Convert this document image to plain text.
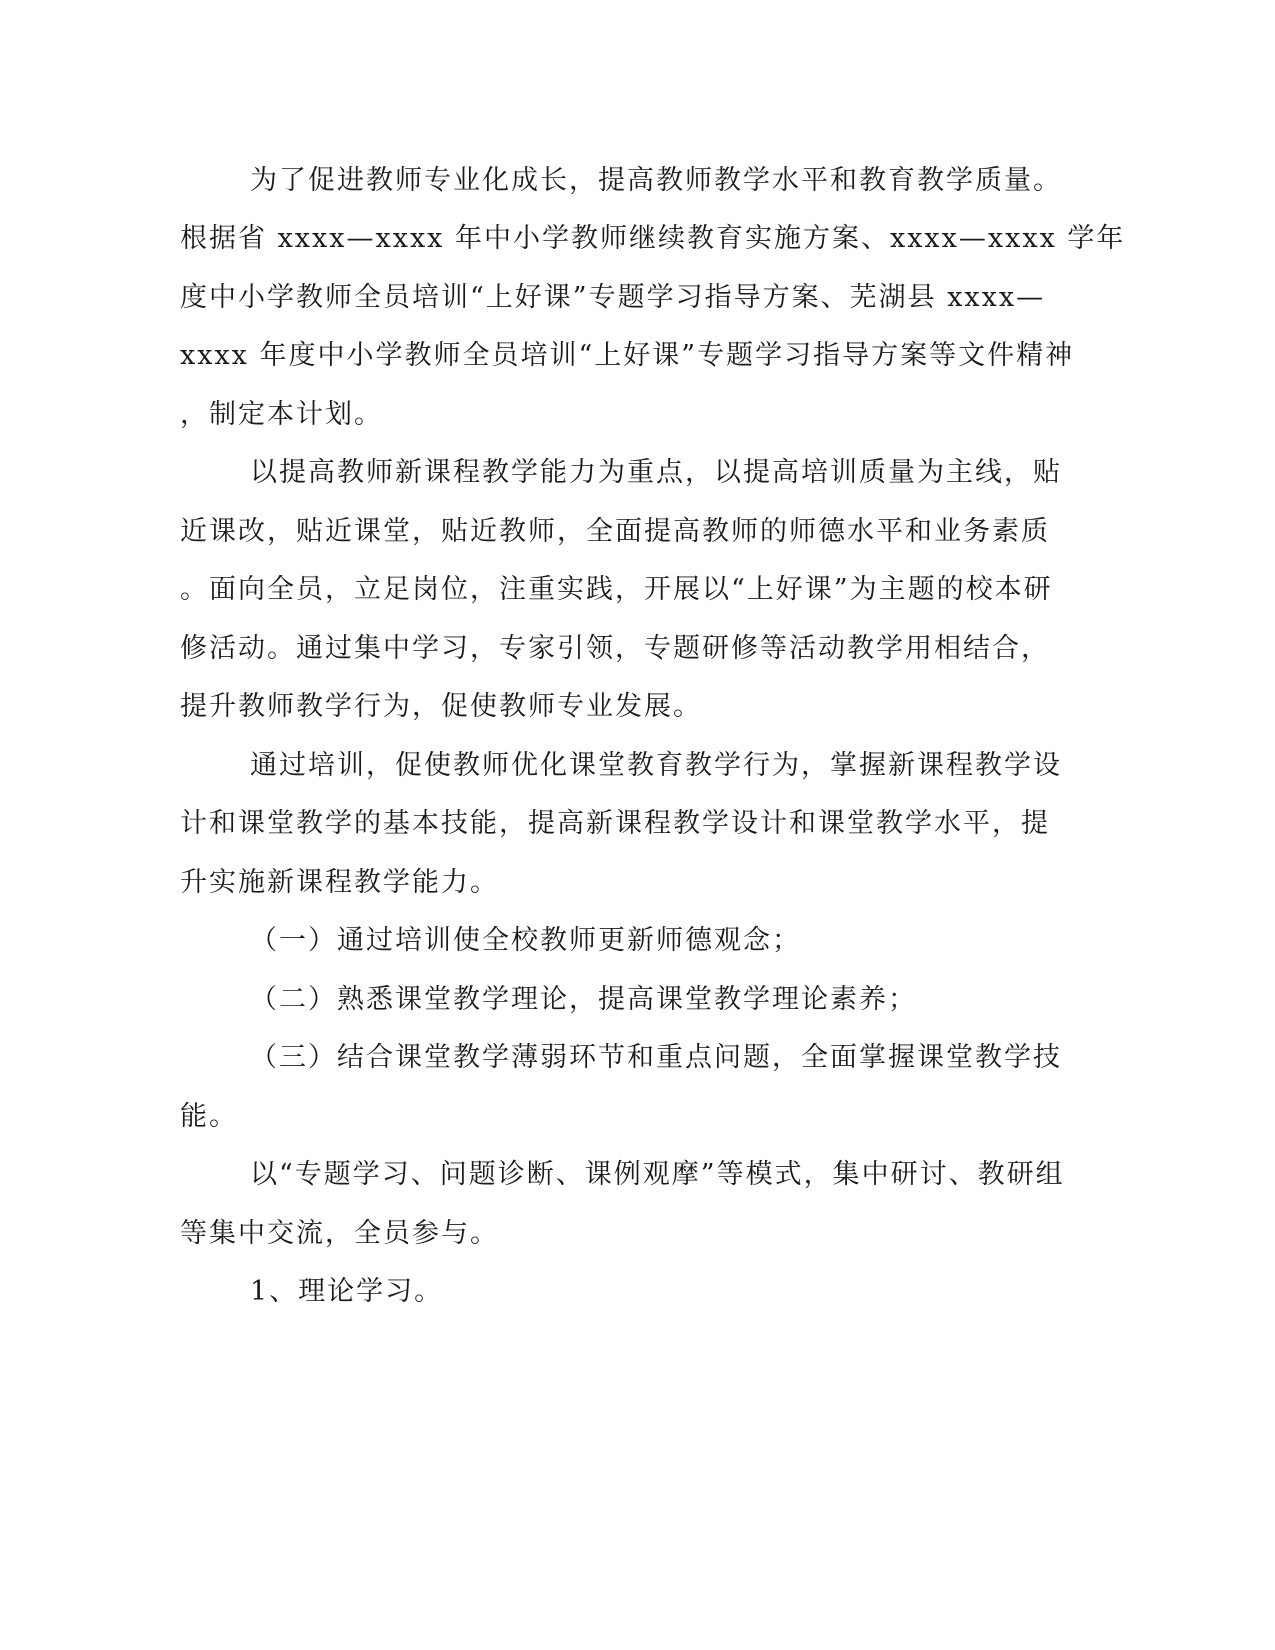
为了促进教师专业化成长，提高教师教学水平和教育教学质量。
根据省 xxxx—xxxx 年中小学教师继续教育实施方案、xxxx—xxxx 学年
度中小学教师全员培训“上好课”专题学习指导方案、芜湖县 xxxx—
xxxx 年度中小学教师全员培训“上好课”专题学习指导方案等文件精神
，制定本计划。
以提高教师新课程教学能力为重点，以提高培训质量为主线，贴
近课改，贴近课堂，贴近教师，全面提高教师的师德水平和业务素质
。面向全员，立足岗位，注重实践，开展以“上好课”为主题的校本研
修活动。通过集中学习，专家引领，专题研修等活动教学用相结合，
提升教师教学行为，促使教师专业发展。
通过培训，促使教师优化课堂教育教学行为，掌握新课程教学设
计和课堂教学的基本技能，提高新课程教学设计和课堂教学水平，提
升实施新课程教学能力。
（一）通过培训使全校教师更新师德观念；
（二）熟悉课堂教学理论，提高课堂教学理论素养；
（三）结合课堂教学薄弱环节和重点问题，全面掌握课堂教学技
能。
以“专题学习、问题诊断、课例观摩”等模式，集中研讨、教研组
等集中交流，全员参与。
1、理论学习。
